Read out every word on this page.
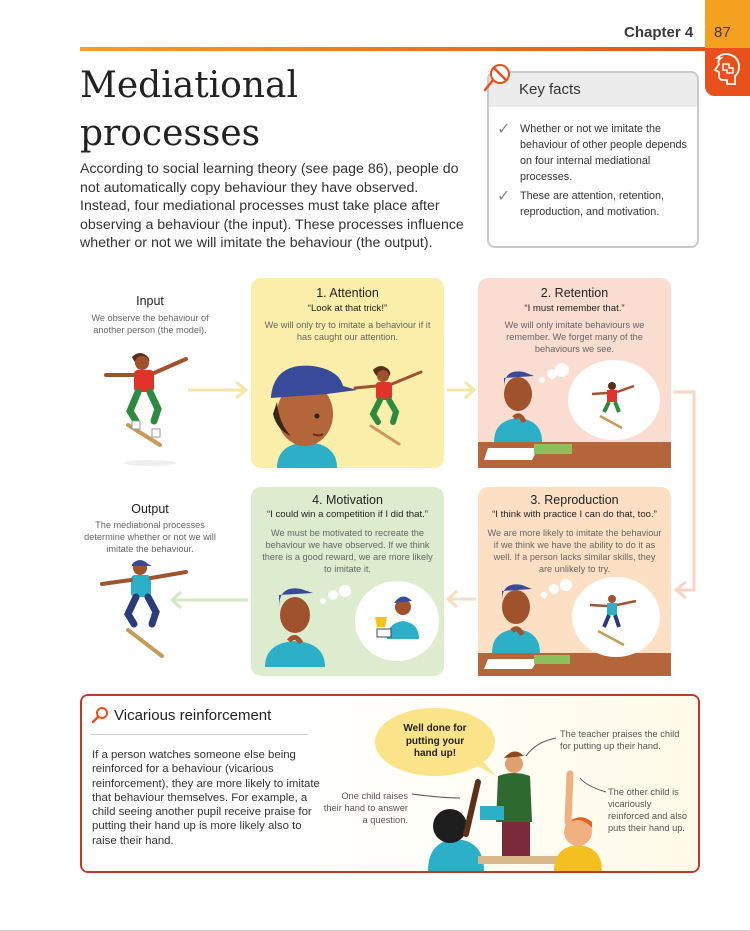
Chapter 4 87
Mediational processes

According to social learning theory (see page 86), people do not automatically copy behaviour they have observed. Instead, four mediational processes must take place after observing a behaviour (the input). These processes influence whether or not we will imitate the behaviour (the output).

Key facts
✓ Whether or not we imitate the behaviour of other people depends on four internal mediational processes.
✓ These are attention, retention, reproduction, and motivation.
Input
We observe the behaviour of another person (the model).
Output
The mediational processes determine whether or not we will imitate the behaviour.
1. Attention
“Look at that trick!”
We will only try to imitate a behaviour if it has caught our attention.
2. Retention
“I must remember that.”
We will only imitate behaviours we remember. We forget many of the behaviours we see.
4. Motivation
“I could win a competition if I did that.”
We must be motivated to recreate the behaviour we have observed. If we think there is a good reward, we are more likely to imitate it.
3. Reproduction
“I think with practice I can do that, too.”
We are more likely to imitate the behaviour if we think we have the ability to do it as well. If a person lacks similar skills, they are unlikely to try.
Vicarious reinforcement

If a person watches someone else being reinforced for a behaviour (vicarious reinforcement), they are more likely to imitate that behaviour themselves. For example, a child seeing another pupil receive praise for putting their hand up is more likely also to raise their hand.

Well done for putting your hand up!
The teacher praises the child for putting up their hand.
One child raises their hand to answer a question.
The other child is vicariously reinforced and also puts their hand up.
